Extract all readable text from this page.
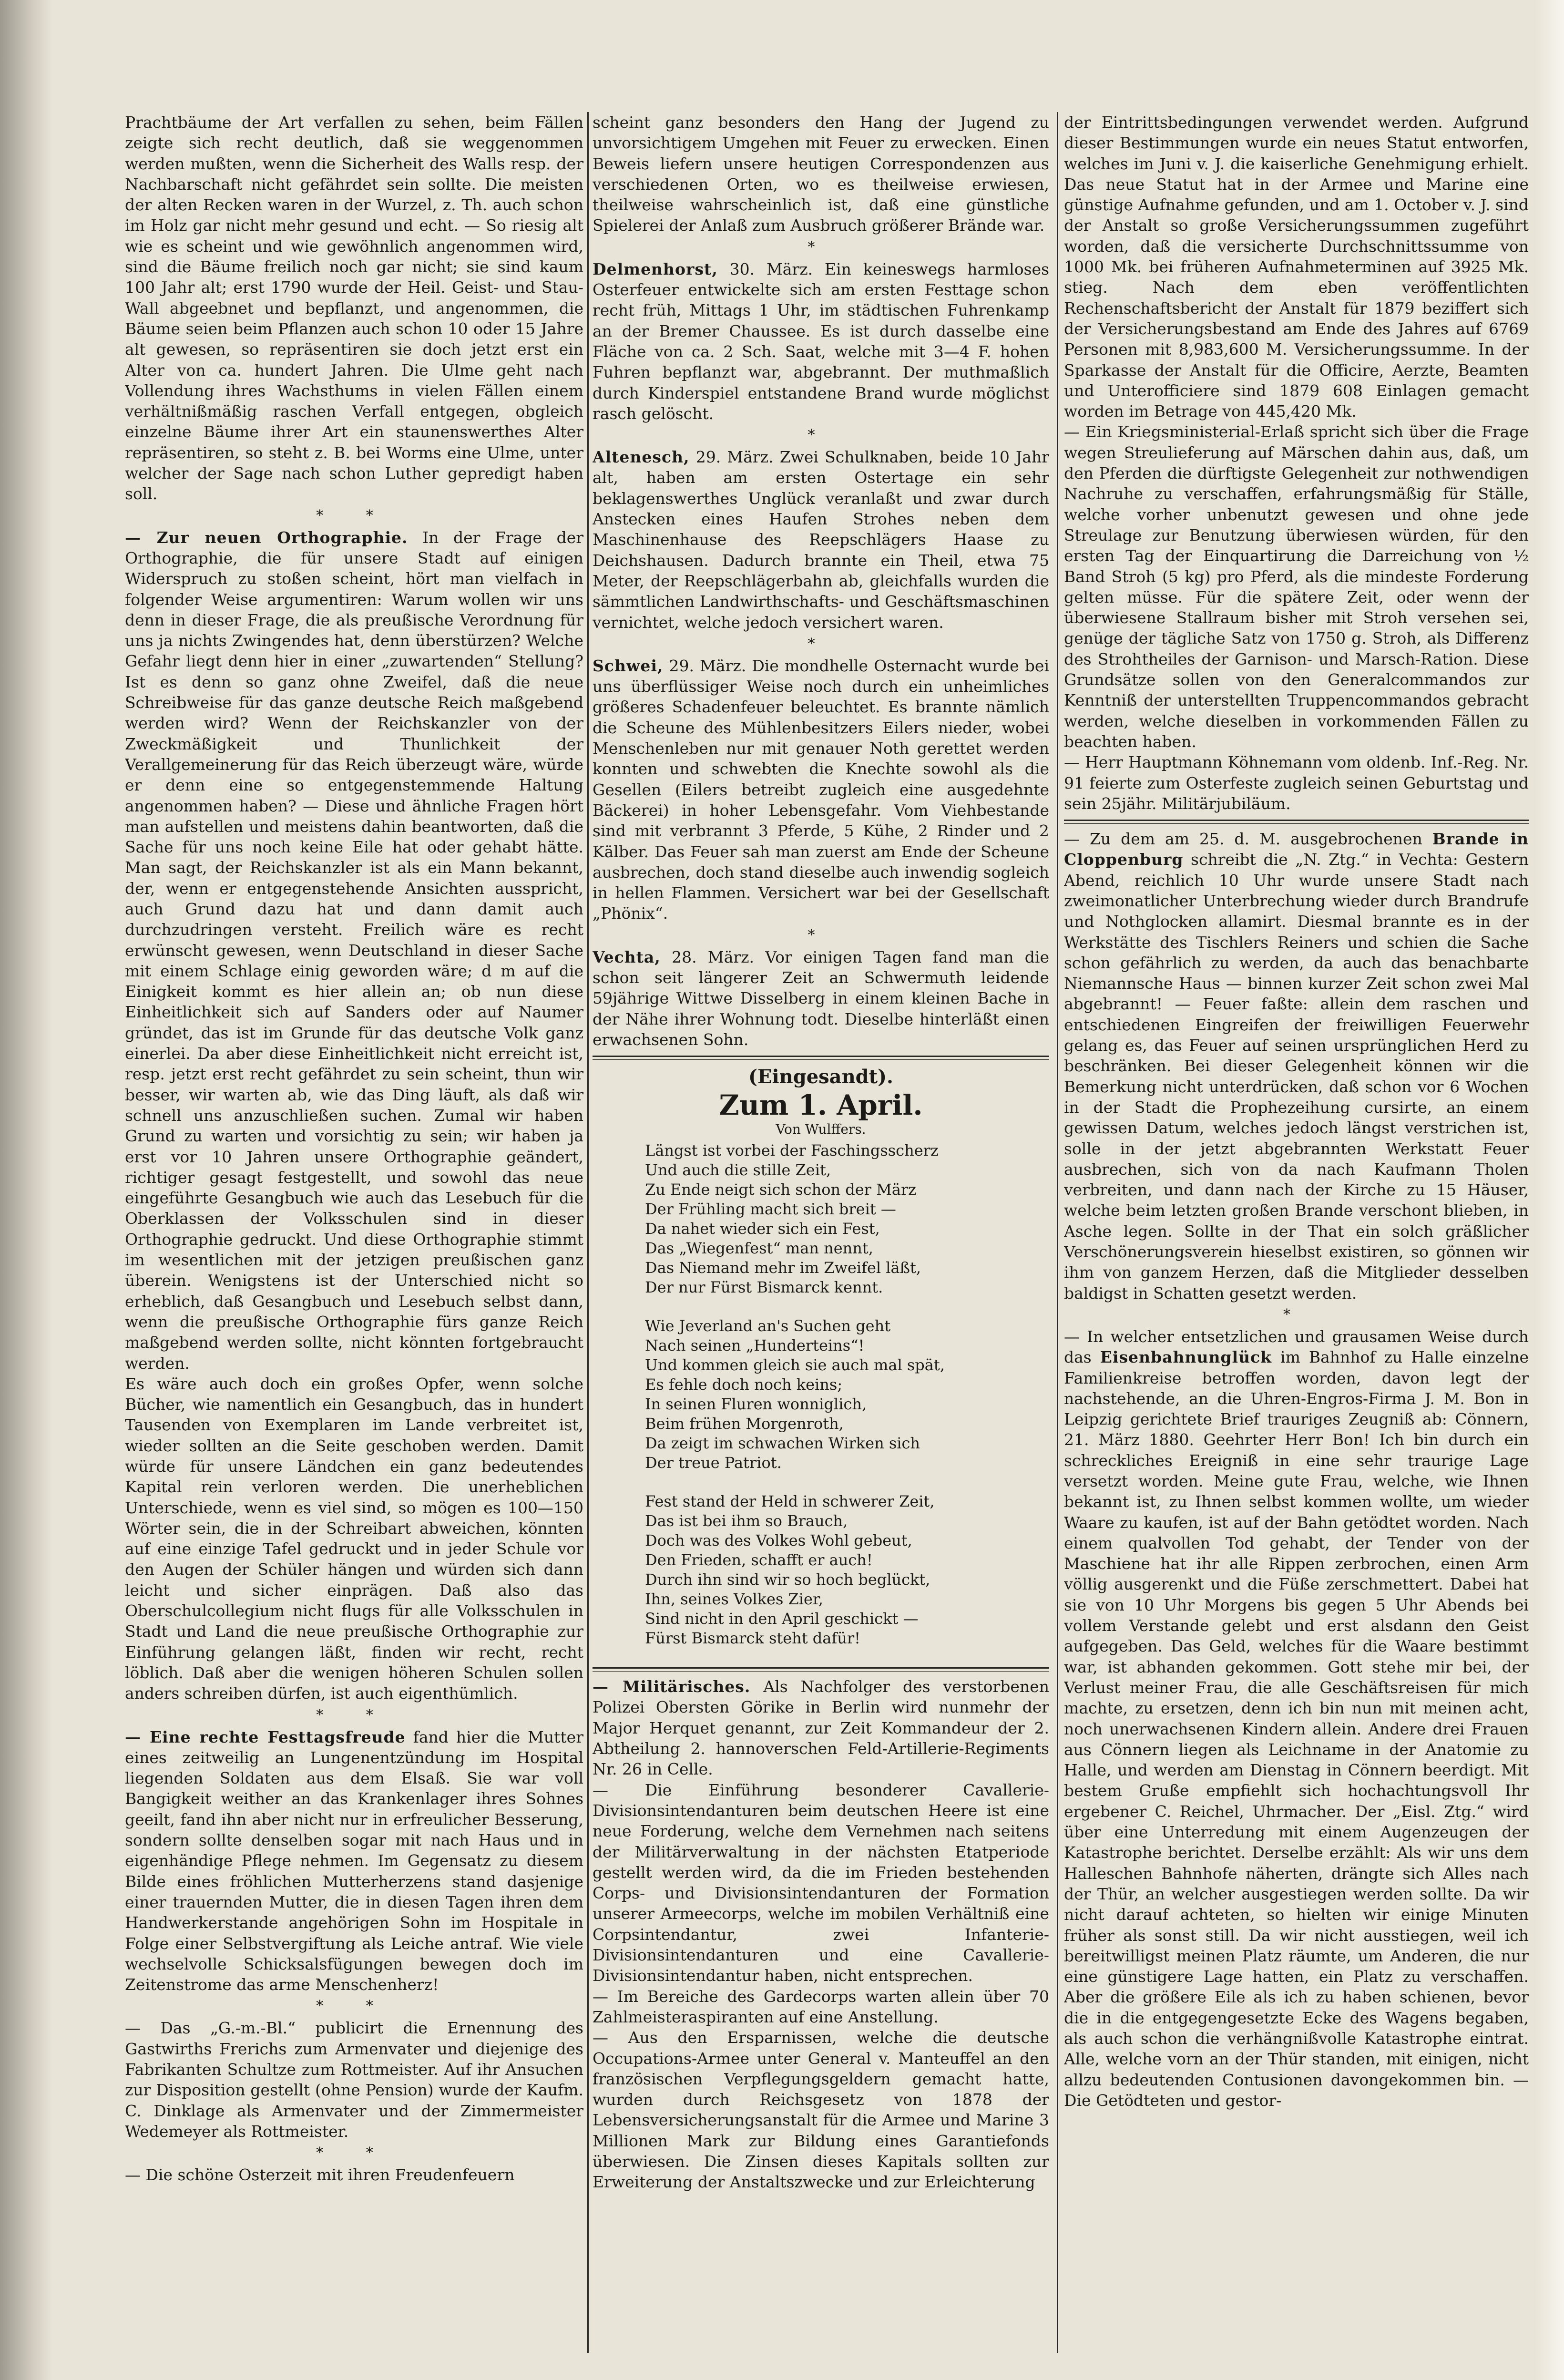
Prachtbäume der Art verfallen zu sehen, beim Fällen zeigte sich recht deutlich, daß sie weggenommen werden mußten, wenn die Sicherheit des Walls resp. der Nachbarschaft nicht gefährdet sein sollte. Die meisten der alten Recken waren in der Wurzel, z. Th. auch schon im Holz gar nicht mehr gesund und echt. — So riesig alt wie es scheint und wie gewöhnlich angenommen wird, sind die Bäume freilich noch gar nicht; sie sind kaum 100 Jahr alt; erst 1790 wurde der Heil. Geist- und Stau-Wall abgeebnet und bepflanzt, und angenommen, die Bäume seien beim Pflanzen auch schon 10 oder 15 Jahre alt gewesen, so repräsentiren sie doch jetzt erst ein Alter von ca. hundert Jahren. Die Ulme geht nach Vollendung ihres Wachsthums in vielen Fällen einem verhältnißmäßig raschen Verfall entgegen, obgleich einzelne Bäume ihrer Art ein staunenswerthes Alter repräsentiren, so steht z. B. bei Worms eine Ulme, unter welcher der Sage nach schon Luther gepredigt haben soll.

* *

— Zur neuen Orthographie. In der Frage der Orthographie, die für unsere Stadt auf einigen Widerspruch zu stoßen scheint, hört man vielfach in folgender Weise argumentiren: Warum wollen wir uns denn in dieser Frage, die als preußische Verordnung für uns ja nichts Zwingendes hat, denn überstürzen? Welche Gefahr liegt denn hier in einer „zuwartenden“ Stellung? Ist es denn so ganz ohne Zweifel, daß die neue Schreibweise für das ganze deutsche Reich maßgebend werden wird? Wenn der Reichskanzler von der Zweckmäßigkeit und Thunlichkeit der Verallgemeinerung für das Reich überzeugt wäre, würde er denn eine so entgegenstemmende Haltung angenommen haben? — Diese und ähnliche Fragen hört man aufstellen und meistens dahin beantworten, daß die Sache für uns noch keine Eile hat oder gehabt hätte. Man sagt, der Reichskanzler ist als ein Mann bekannt, der, wenn er entgegenstehende Ansichten ausspricht, auch Grund dazu hat und dann damit auch durchzudringen versteht. Freilich wäre es recht erwünscht gewesen, wenn Deutschland in dieser Sache mit einem Schlage einig geworden wäre; d m auf die Einigkeit kommt es hier allein an; ob nun diese Einheitlichkeit sich auf Sanders oder auf Naumer gründet, das ist im Grunde für das deutsche Volk ganz einerlei. Da aber diese Einheitlichkeit nicht erreicht ist, resp. jetzt erst recht gefährdet zu sein scheint, thun wir besser, wir warten ab, wie das Ding läuft, als daß wir schnell uns anzuschließen suchen. Zumal wir haben Grund zu warten und vorsichtig zu sein; wir haben ja erst vor 10 Jahren unsere Orthographie geändert, richtiger gesagt festgestellt, und sowohl das neue eingeführte Gesangbuch wie auch das Lesebuch für die Oberklassen der Volksschulen sind in dieser Orthographie gedruckt. Und diese Orthographie stimmt im wesentlichen mit der jetzigen preußischen ganz überein. Wenigstens ist der Unterschied nicht so erheblich, daß Gesangbuch und Lesebuch selbst dann, wenn die preußische Orthographie fürs ganze Reich maßgebend werden sollte, nicht könnten fortgebraucht werden.

Es wäre auch doch ein großes Opfer, wenn solche Bücher, wie namentlich ein Gesangbuch, das in hundert Tausenden von Exemplaren im Lande verbreitet ist, wieder sollten an die Seite geschoben werden. Damit würde für unsere Ländchen ein ganz bedeutendes Kapital rein verloren werden. Die unerheblichen Unterschiede, wenn es viel sind, so mögen es 100—150 Wörter sein, die in der Schreibart abweichen, könnten auf eine einzige Tafel gedruckt und in jeder Schule vor den Augen der Schüler hängen und würden sich dann leicht und sicher einprägen. Daß also das Oberschulcollegium nicht flugs für alle Volksschulen in Stadt und Land die neue preußische Orthographie zur Einführung gelangen läßt, finden wir recht, recht löblich. Daß aber die wenigen höheren Schulen sollen anders schreiben dürfen, ist auch eigenthümlich.

* *

— Eine rechte Festtagsfreude fand hier die Mutter eines zeitweilig an Lungenentzündung im Hospital liegenden Soldaten aus dem Elsaß. Sie war voll Bangigkeit weither an das Krankenlager ihres Sohnes geeilt, fand ihn aber nicht nur in erfreulicher Besserung, sondern sollte denselben sogar mit nach Haus und in eigenhändige Pflege nehmen. Im Gegensatz zu diesem Bilde eines fröhlichen Mutterherzens stand dasjenige einer trauernden Mutter, die in diesen Tagen ihren dem Handwerkerstande angehörigen Sohn im Hospitale in Folge einer Selbstvergiftung als Leiche antraf. Wie viele wechselvolle Schicksalsfügungen bewegen doch im Zeitenstrome das arme Menschenherz!

* *

— Das „G.-m.-Bl.“ publicirt die Ernennung des Gastwirths Frerichs zum Armenvater und diejenige des Fabrikanten Schultze zum Rottmeister. Auf ihr Ansuchen zur Disposition gestellt (ohne Pension) wurde der Kaufm. C. Dinklage als Armenvater und der Zimmermeister Wedemeyer als Rottmeister.

* *

— Die schöne Osterzeit mit ihren Freudenfeuern

scheint ganz besonders den Hang der Jugend zu unvorsichtigem Umgehen mit Feuer zu erwecken. Einen Beweis liefern unsere heutigen Correspondenzen aus verschiedenen Orten, wo es theilweise erwiesen, theilweise wahrscheinlich ist, daß eine günstliche Spielerei der Anlaß zum Ausbruch größerer Brände war.

*

Delmenhorst, 30. März. Ein keineswegs harmloses Osterfeuer entwickelte sich am ersten Festtage schon recht früh, Mittags 1 Uhr, im städtischen Fuhrenkamp an der Bremer Chaussee. Es ist durch dasselbe eine Fläche von ca. 2 Sch. Saat, welche mit 3—4 F. hohen Fuhren bepflanzt war, abgebrannt. Der muthmaßlich durch Kinderspiel entstandene Brand wurde möglichst rasch gelöscht.

*

Altenesch, 29. März. Zwei Schulknaben, beide 10 Jahr alt, haben am ersten Ostertage ein sehr beklagenswerthes Unglück veranlaßt und zwar durch Anstecken eines Haufen Strohes neben dem Maschinenhause des Reepschlägers Haase zu Deichshausen. Dadurch brannte ein Theil, etwa 75 Meter, der Reepschlägerbahn ab, gleichfalls wurden die sämmtlichen Landwirthschafts- und Geschäftsmaschinen vernichtet, welche jedoch versichert waren.

*

Schwei, 29. März. Die mondhelle Osternacht wurde bei uns überflüssiger Weise noch durch ein unheimliches größeres Schadenfeuer beleuchtet. Es brannte nämlich die Scheune des Mühlenbesitzers Eilers nieder, wobei Menschenleben nur mit genauer Noth gerettet werden konnten und schwebten die Knechte sowohl als die Gesellen (Eilers betreibt zugleich eine ausgedehnte Bäckerei) in hoher Lebensgefahr. Vom Viehbestande sind mit verbrannt 3 Pferde, 5 Kühe, 2 Rinder und 2 Kälber. Das Feuer sah man zuerst am Ende der Scheune ausbrechen, doch stand dieselbe auch inwendig sogleich in hellen Flammen. Versichert war bei der Gesellschaft „Phönix“.

*

Vechta, 28. März. Vor einigen Tagen fand man die schon seit längerer Zeit an Schwermuth leidende 59jährige Wittwe Disselberg in einem kleinen Bache in der Nähe ihrer Wohnung todt. Dieselbe hinterläßt einen erwachsenen Sohn.

(Eingesandt).
Zum 1. April.
Von Wulffers.

Längst ist vorbei der Faschingsscherz

Und auch die stille Zeit,

Zu Ende neigt sich schon der März

Der Frühling macht sich breit —

Da nahet wieder sich ein Fest,

Das „Wiegenfest“ man nennt,

Das Niemand mehr im Zweifel läßt,

Der nur Fürst Bismarck kennt.

Wie Jeverland an's Suchen geht

Nach seinen „Hunderteins“!

Und kommen gleich sie auch mal spät,

Es fehle doch noch keins;

In seinen Fluren wonniglich,

Beim frühen Morgenroth,

Da zeigt im schwachen Wirken sich

Der treue Patriot.

Fest stand der Held in schwerer Zeit,

Das ist bei ihm so Brauch,

Doch was des Volkes Wohl gebeut,

Den Frieden, schafft er auch!

Durch ihn sind wir so hoch beglückt,

Ihn, seines Volkes Zier,

Sind nicht in den April geschickt —

Fürst Bismarck steht dafür!

— Militärisches. Als Nachfolger des verstorbenen Polizei Obersten Görike in Berlin wird nunmehr der Major Herquet genannt, zur Zeit Kommandeur der 2. Abtheilung 2. hannoverschen Feld-Artillerie-Regiments Nr. 26 in Celle.

— Die Einführung besonderer Cavallerie-Divisionsintendanturen beim deutschen Heere ist eine neue Forderung, welche dem Vernehmen nach seitens der Militärverwaltung in der nächsten Etatperiode gestellt werden wird, da die im Frieden bestehenden Corps- und Divisionsintendanturen der Formation unserer Armeecorps, welche im mobilen Verhältniß eine Corpsintendantur, zwei Infanterie-Divisionsintendanturen und eine Cavallerie-Divisionsintendantur haben, nicht entsprechen.

— Im Bereiche des Gardecorps warten allein über 70 Zahlmeisteraspiranten auf eine Anstellung.

— Aus den Ersparnissen, welche die deutsche Occupations-Armee unter General v. Manteuffel an den französischen Verpflegungsgeldern gemacht hatte, wurden durch Reichsgesetz von 1878 der Lebensversicherungsanstalt für die Armee und Marine 3 Millionen Mark zur Bildung eines Garantiefonds überwiesen. Die Zinsen dieses Kapitals sollten zur Erweiterung der Anstaltszwecke und zur Erleichterung

der Eintrittsbedingungen verwendet werden. Aufgrund dieser Bestimmungen wurde ein neues Statut entworfen, welches im Juni v. J. die kaiserliche Genehmigung erhielt. Das neue Statut hat in der Armee und Marine eine günstige Aufnahme gefunden, und am 1. October v. J. sind der Anstalt so große Versicherungssummen zugeführt worden, daß die versicherte Durchschnittssumme von 1000 Mk. bei früheren Aufnahmeterminen auf 3925 Mk. stieg. Nach dem eben veröffentlichten Rechenschaftsbericht der Anstalt für 1879 beziffert sich der Versicherungsbestand am Ende des Jahres auf 6769 Personen mit 8,983,600 M. Versicherungssumme. In der Sparkasse der Anstalt für die Officire, Aerzte, Beamten und Unterofficiere sind 1879 608 Einlagen gemacht worden im Betrage von 445,420 Mk.

— Ein Kriegsministerial-Erlaß spricht sich über die Frage wegen Streulieferung auf Märschen dahin aus, daß, um den Pferden die dürftigste Gelegenheit zur nothwendigen Nachruhe zu verschaffen, erfahrungsmäßig für Ställe, welche vorher unbenutzt gewesen und ohne jede Streulage zur Benutzung überwiesen würden, für den ersten Tag der Einquartirung die Darreichung von ½ Band Stroh (5 kg) pro Pferd, als die mindeste Forderung gelten müsse. Für die spätere Zeit, oder wenn der überwiesene Stallraum bisher mit Stroh versehen sei, genüge der tägliche Satz von 1750 g. Stroh, als Differenz des Strohtheiles der Garnison- und Marsch-Ration. Diese Grundsätze sollen von den Generalcommandos zur Kenntniß der unterstellten Truppencommandos gebracht werden, welche dieselben in vorkommenden Fällen zu beachten haben.

— Herr Hauptmann Köhnemann vom oldenb. Inf.-Reg. Nr. 91 feierte zum Osterfeste zugleich seinen Geburtstag und sein 25jähr. Militärjubiläum.

— Zu dem am 25. d. M. ausgebrochenen Brande in Cloppenburg schreibt die „N. Ztg.“ in Vechta: Gestern Abend, reichlich 10 Uhr wurde unsere Stadt nach zweimonatlicher Unterbrechung wieder durch Brandrufe und Nothglocken allamirt. Diesmal brannte es in der Werkstätte des Tischlers Reiners und schien die Sache schon gefährlich zu werden, da auch das benachbarte Niemannsche Haus — binnen kurzer Zeit schon zwei Mal abgebrannt! — Feuer faßte: allein dem raschen und entschiedenen Eingreifen der freiwilligen Feuerwehr gelang es, das Feuer auf seinen ursprünglichen Herd zu beschränken. Bei dieser Gelegenheit können wir die Bemerkung nicht unterdrücken, daß schon vor 6 Wochen in der Stadt die Prophezeihung cursirte, an einem gewissen Datum, welches jedoch längst verstrichen ist, solle in der jetzt abgebrannten Werkstatt Feuer ausbrechen, sich von da nach Kaufmann Tholen verbreiten, und dann nach der Kirche zu 15 Häuser, welche beim letzten großen Brande verschont blieben, in Asche legen. Sollte in der That ein solch gräßlicher Verschönerungsverein hieselbst existiren, so gönnen wir ihm von ganzem Herzen, daß die Mitglieder desselben baldigst in Schatten gesetzt werden.

*

— In welcher entsetzlichen und grausamen Weise durch das Eisenbahnunglück im Bahnhof zu Halle einzelne Familienkreise betroffen worden, davon legt der nachstehende, an die Uhren-Engros-Firma J. M. Bon in Leipzig gerichtete Brief trauriges Zeugniß ab: Cönnern, 21. März 1880. Geehrter Herr Bon! Ich bin durch ein schreckliches Ereigniß in eine sehr traurige Lage versetzt worden. Meine gute Frau, welche, wie Ihnen bekannt ist, zu Ihnen selbst kommen wollte, um wieder Waare zu kaufen, ist auf der Bahn getödtet worden. Nach einem qualvollen Tod gehabt, der Tender von der Maschiene hat ihr alle Rippen zerbrochen, einen Arm völlig ausgerenkt und die Füße zerschmettert. Dabei hat sie von 10 Uhr Morgens bis gegen 5 Uhr Abends bei vollem Verstande gelebt und erst alsdann den Geist aufgegeben. Das Geld, welches für die Waare bestimmt war, ist abhanden gekommen. Gott stehe mir bei, der Verlust meiner Frau, die alle Geschäftsreisen für mich machte, zu ersetzen, denn ich bin nun mit meinen acht, noch unerwachsenen Kindern allein. Andere drei Frauen aus Cönnern liegen als Leichname in der Anatomie zu Halle, und werden am Dienstag in Cönnern beerdigt. Mit bestem Gruße empfiehlt sich hochachtungsvoll Ihr ergebener C. Reichel, Uhrmacher. Der „Eisl. Ztg.“ wird über eine Unterredung mit einem Augenzeugen der Katastrophe berichtet. Derselbe erzählt: Als wir uns dem Halleschen Bahnhofe näherten, drängte sich Alles nach der Thür, an welcher ausgestiegen werden sollte. Da wir nicht darauf achteten, so hielten wir einige Minuten früher als sonst still. Da wir nicht ausstiegen, weil ich bereitwilligst meinen Platz räumte, um Anderen, die nur eine günstigere Lage hatten, ein Platz zu verschaffen. Aber die größere Eile als ich zu haben schienen, bevor die in die entgegengesetzte Ecke des Wagens begaben, als auch schon die verhängnißvolle Katastrophe eintrat. Alle, welche vorn an der Thür standen, mit einigen, nicht allzu bedeutenden Contusionen davongekommen bin. — Die Getödteten und gestor-
